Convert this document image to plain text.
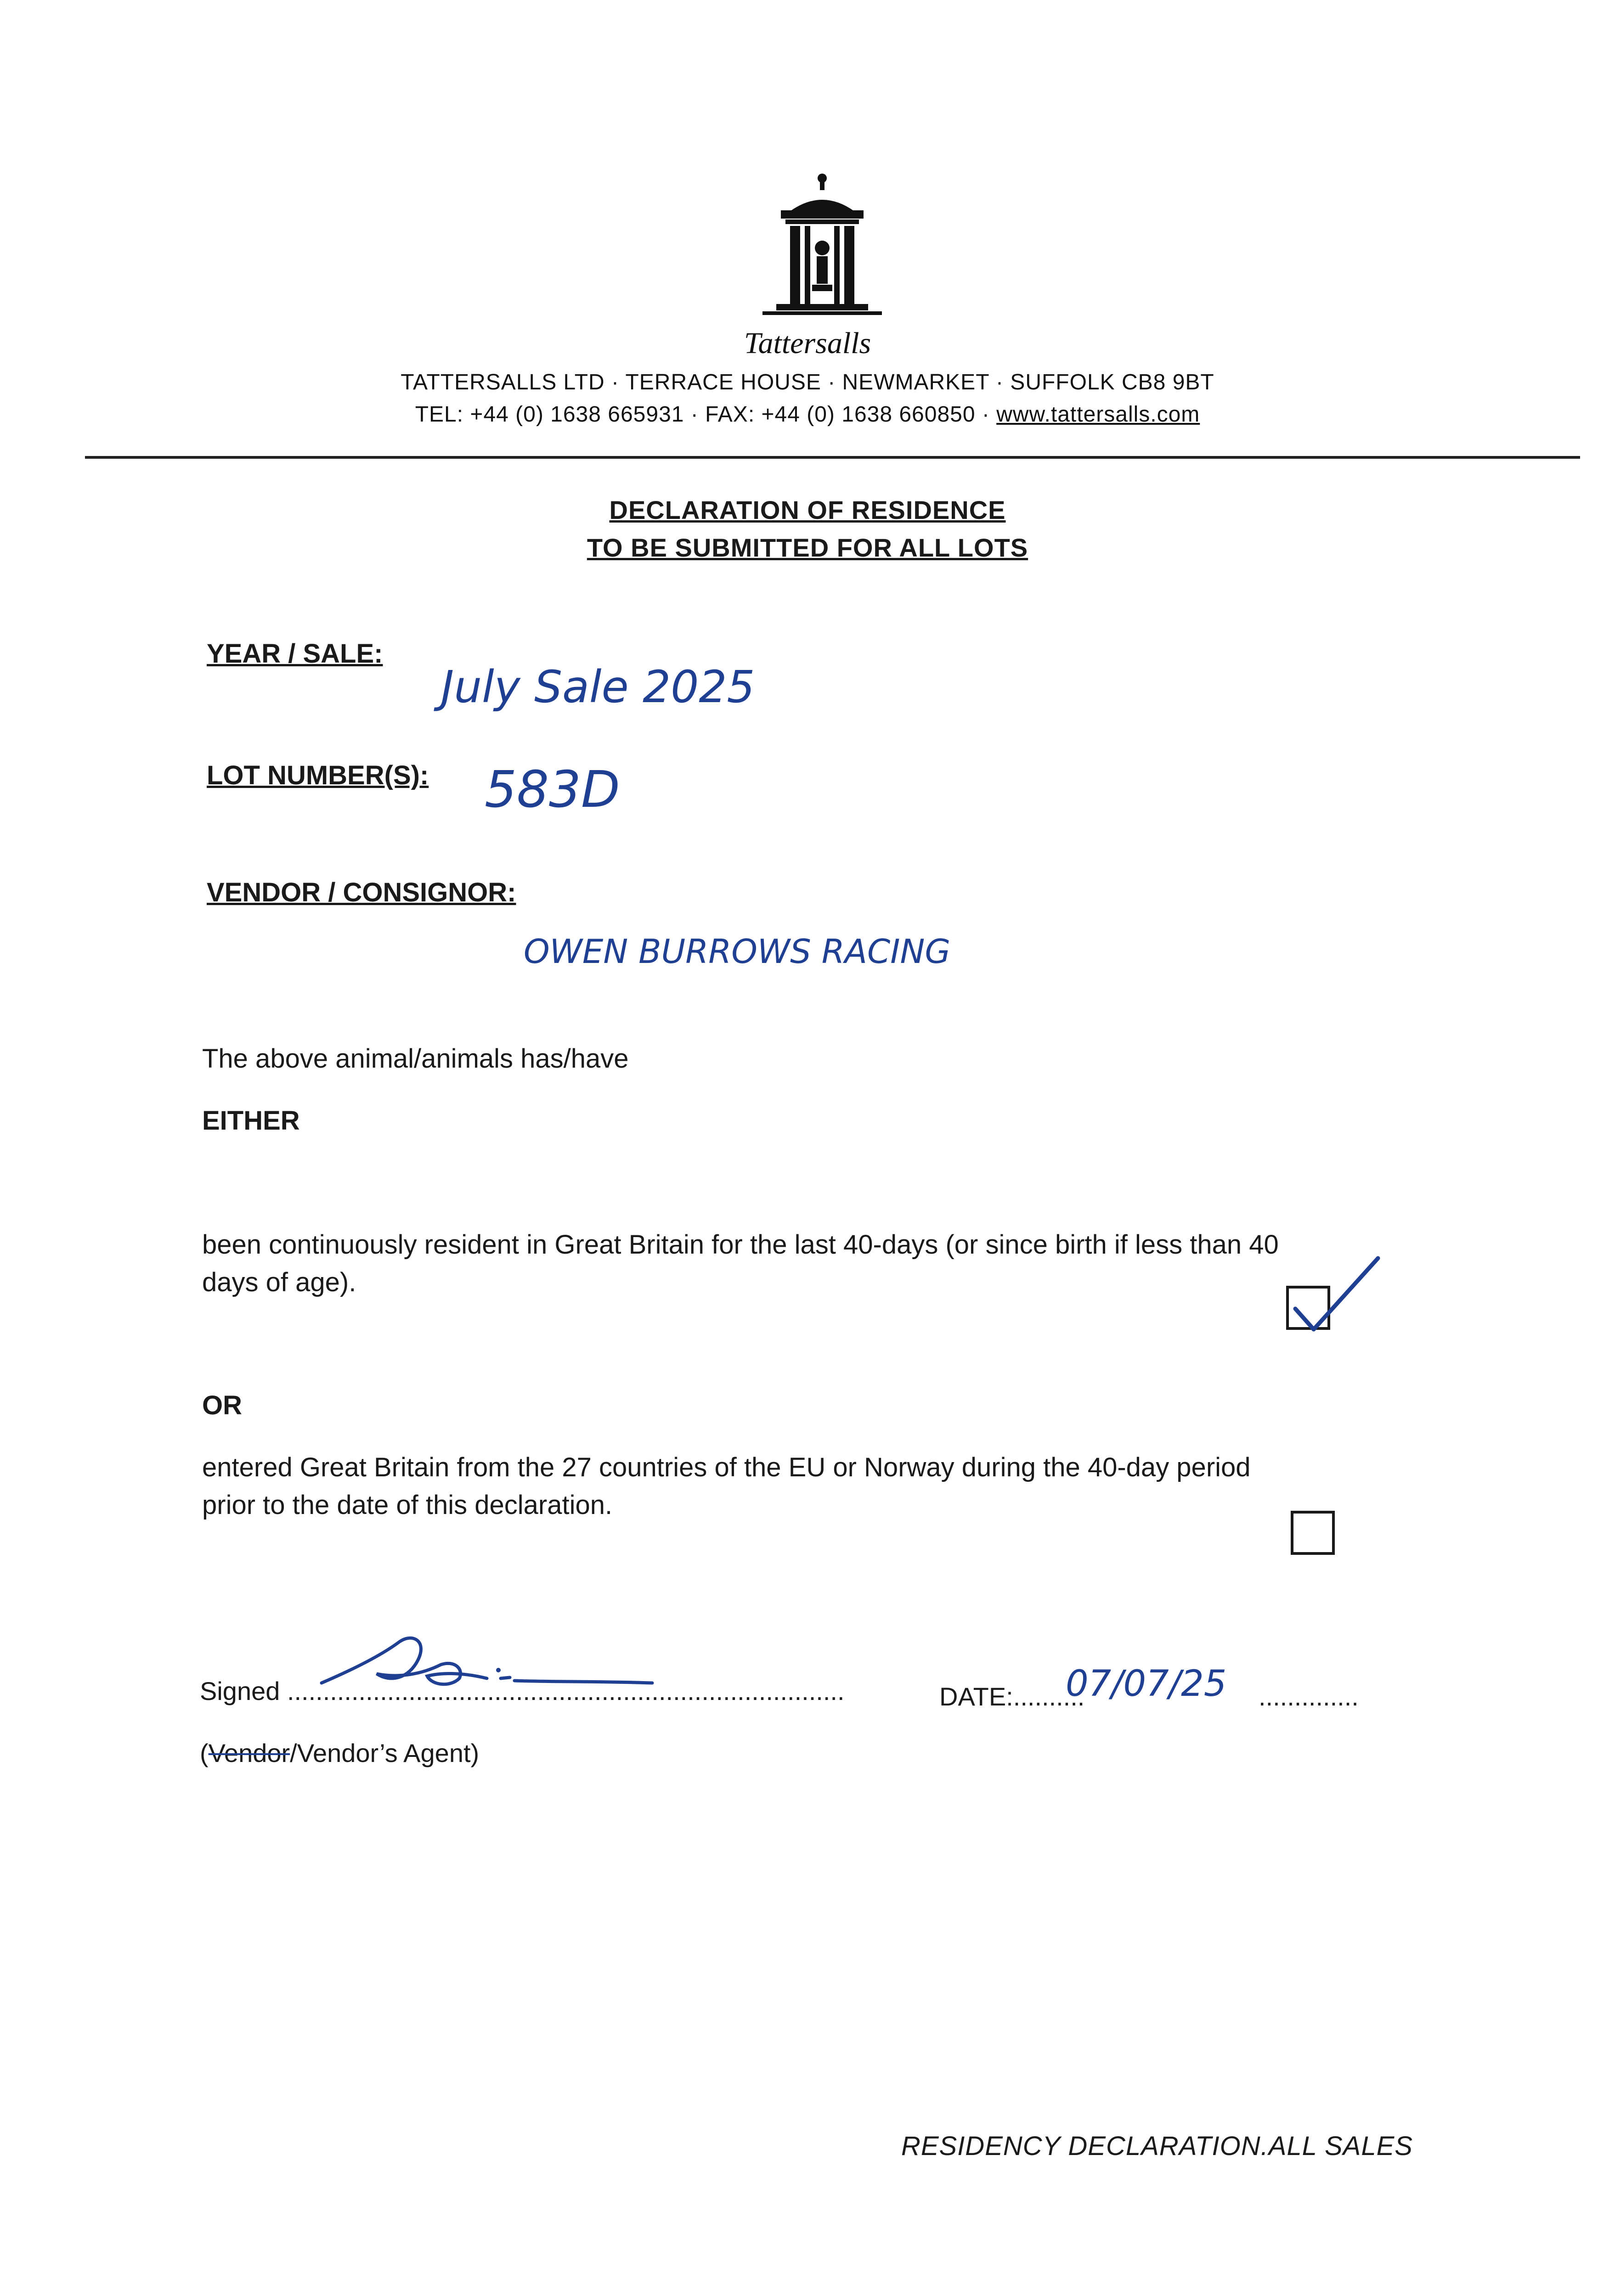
Tattersalls
TATTERSALLS LTD · TERRACE HOUSE · NEWMARKET · SUFFOLK CB8 9BT
TEL: +44 (0) 1638 665931 · FAX: +44 (0) 1638 660850 · www.tattersalls.com
DECLARATION OF RESIDENCE
TO BE SUBMITTED FOR ALL LOTS
YEAR / SALE:
July Sale 2025
LOT NUMBER(S): 583D
VENDOR / CONSIGNOR:
OWEN BURROWS RACING
The above animal/animals has/have
EITHER
been continuously resident in Great Britain for the last 40-days (or since birth if less than 40
days of age).
OR
entered Great Britain from the 27 countries of the EU or Norway during the 40-day period
prior to the date of this declaration.
Signed ..............................................................................	DATE:..........
07/07/25 ..............
(Vendor/Vendor’s Agent)
RESIDENCY DECLARATION.ALL SALES
